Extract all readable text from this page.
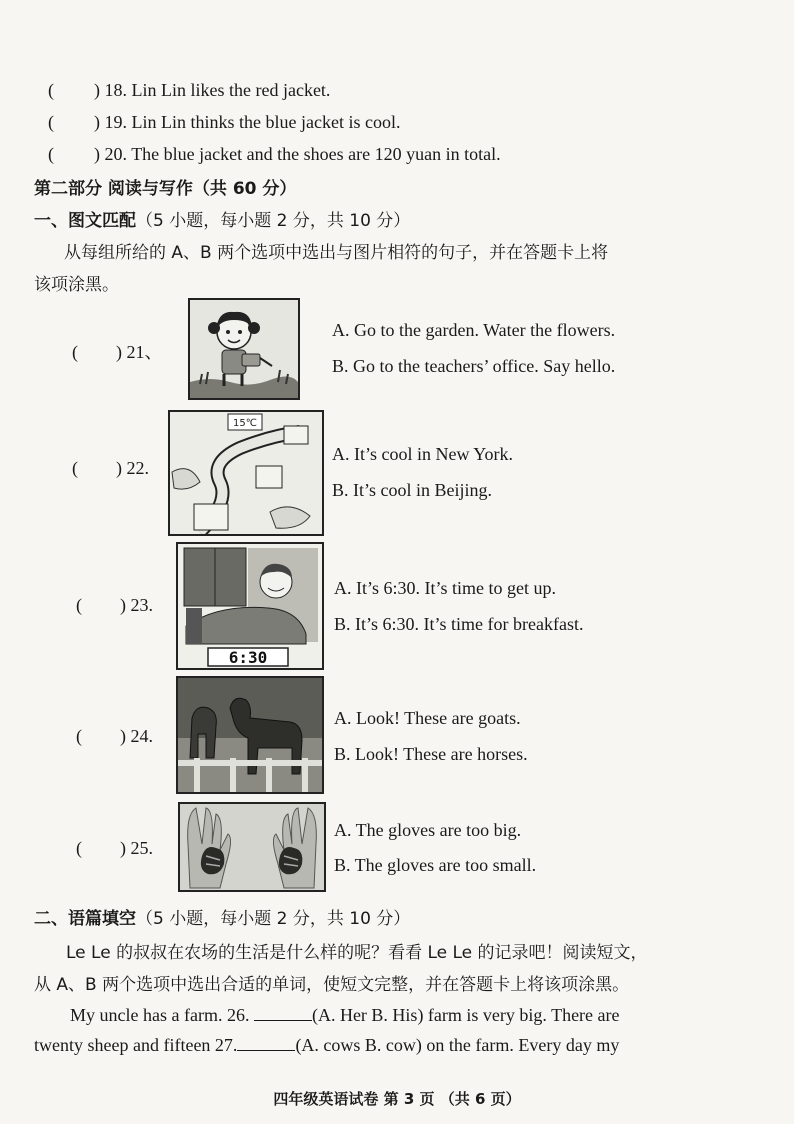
( ) 18. Lin Lin likes the red jacket.
( ) 19. Lin Lin thinks the blue jacket is cool.
( ) 20. The blue jacket and the shoes are 120 yuan in total.
第二部分 阅读与写作（共 60 分）
一、图文匹配（5 小题，每小题 2 分，共 10 分）
从每组所给的 A、B 两个选项中选出与图片相符的句子，并在答题卡上将
该项涂黑。
( ) 21、
A. Go to the garden. Water the flowers.
B. Go to the teachers’ office. Say hello.
( ) 22.
15℃
A. It’s cool in New York.
B. It’s cool in Beijing.
( ) 23.
6:30
A. It’s 6:30. It’s time to get up.
B. It’s 6:30. It’s time for breakfast.
( ) 24.
A. Look! These are goats.
B. Look! These are horses.
( ) 25.
A. The gloves are too big.
B. The gloves are too small.
二、语篇填空（5 小题，每小题 2 分，共 10 分）
Le Le 的叔叔在农场的生活是什么样的呢？看看 Le Le 的记录吧！阅读短文，
从 A、B 两个选项中选出合适的单词，使短文完整，并在答题卡上将该项涂黑。
My uncle has a farm. 26.	(A. Her B. His) farm is very big. There are
twenty sheep and fifteen 27.	(A. cows B. cow) on the farm. Every day my
四年级英语试卷 第 3 页 （共 6 页）
